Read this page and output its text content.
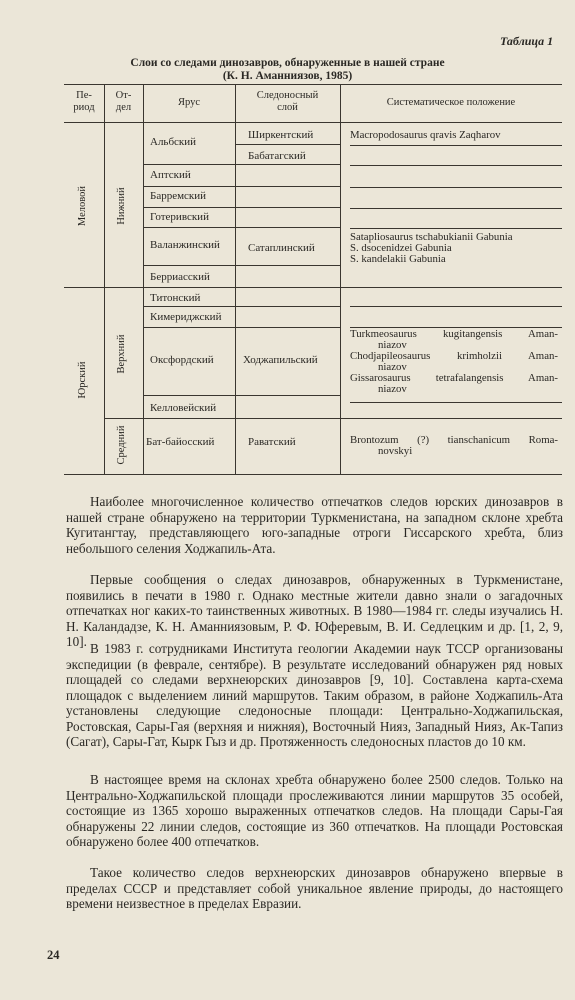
Таблица 1
Слои со следами динозавров, обнаруженные в нашей стране
(К. Н. Аманниязов, 1985)
Пе-
риод
От-
дел	Ярус
Следоносный
слой	Систематическое положение
Меловой
Юрский
Нижний
Верхний
Средний
Альбский
Аптский
Барремский
Готеривский
Валанжинский
Берриасский
Титонский
Кимериджский
Оксфордский
Келловейский
Бат-байосский
Ширкентский
Бабатагский
Сатаплинский
Ходжапильский
Раватский
Macropodosaurus qravis Zaqharov
Satapliosaurus tschabukianii Gabunia
S. dsocenidzei Gabunia
S. kandelakii Gabunia
Turkmeosaurus kugitangensis Aman-
niazov
Chodjapileosaurus krimholzii Aman-
niazov
Gissarosaurus tetrafalangensis Aman-
niazov
Brontozum (?) tianschanicum Roma-
novskyi

Наиболее многочисленное количество отпечатков следов юрских динозавров в нашей стране обнаружено на территории Туркменистана, на западном склоне хребта Кугитангтау, представляющего юго-западные отроги Гиссарского хребта, близ небольшого селения Ходжапиль-Ата.

Первые сообщения о следах динозавров, обнаруженных в Туркменистане, появились в печати в 1980 г. Однако местные жители давно знали о загадочных отпечатках ног каких-то таинственных животных. В 1980—1984 гг. следы изучались Н. Н. Каландадзе, К. Н. Аманниязовым, Р. Ф. Юферевым, В. И. Седлецким и др. [1, 2, 9, 10]. В 1983 г. сотрудниками Института геологии Академии наук ТССР организованы экспедиции (в феврале, сентябре). В результате исследований обнаружен ряд новых площадей со следами верхнеюрских динозавров [9, 10]. Составлена карта-схема площадок с выделением линий маршрутов. Таким образом, в районе Ходжапиль-Ата установлены следующие следоносные площади: Центрально-Ходжапильская, Ростовская, Сары-Гая (верхняя и нижняя), Восточный Нияз, Западный Нияз, Ак-Тапиз (Сагат), Сары-Гат, Кырк Гыз и др. Протяженность следоносных пластов до 10 км.

В настоящее время на склонах хребта обнаружено более 2500 следов. Только на Центрально-Ходжапильской площади прослеживаются линии маршрутов 35 особей, состоящие из 1365 хорошо выраженных отпечатков следов. На площади Сары-Гая обнаружены 22 линии следов, состоящие из 360 отпечатков. На площади Ростовская обнаружено более 400 отпечатков.

Такое количество следов верхнеюрских динозавров обнаружено впервые в пределах СССР и представляет собой уникальное явление природы, до настоящего времени неизвестное в пределах Евразии.

24
